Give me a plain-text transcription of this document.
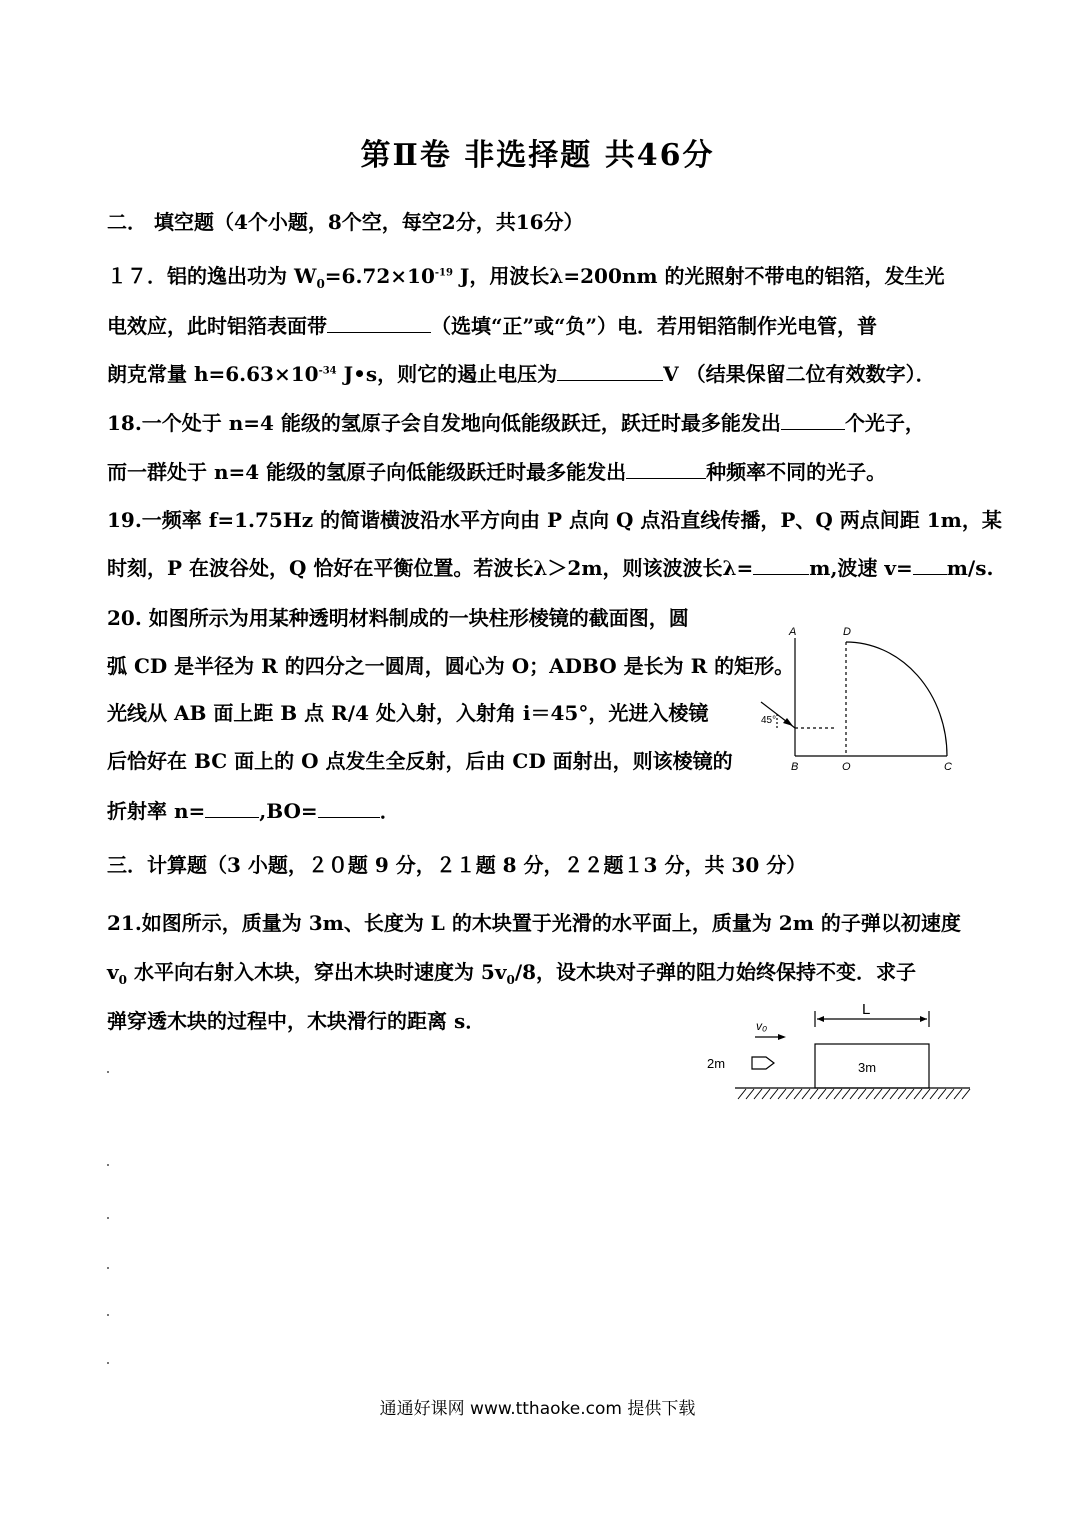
第Ⅱ卷 非选择题 共46分
二． 填空题（4个小题，8个空，每空2分，共16分）
１７．铝的逸出功为 $W_0=6.72\times 10^{-19}$ J，用波长λ=200nm 的光照射不带电的铝箔，发生光
电效应，此时铝箔表面带	（选填“正”或“负”）电．若用铝箔制作光电管，普
朗克常量 $h=6.63\times 10^{-34}$ J•s，则它的遏止电压为	V （结果保留二位有效数字）．
18.一个处于 n=4 能级的氢原子会自发地向低能级跃迁，跃迁时最多能发出	个光子，
而一群处于 n=4 能级的氢原子向低能级跃迁时最多能发出	种频率不同的光子。
19.一频率 f=1.75Hz 的简谐横波沿水平方向由 P 点向 Q 点沿直线传播，P、Q 两点间距 1m，某
时刻，P 在波谷处，Q 恰好在平衡位置。若波长λ＞2m，则该波波长λ=	m,波速 v= m/s.
20. 如图所示为用某种透明材料制成的一块柱形棱镜的截面图，圆
弧 CD 是半径为 R 的四分之一圆周，圆心为 O；ADBO 是长为 R 的矩形。
光线从 AB 面上距 B 点 R/4 处入射，入射角 i＝45°，光进入棱镜
后恰好在 BC 面上的 O 点发生全反射，后由 CD 面射出，则该棱镜的
折射率 n=	,BO=	．
A	D
B	O	C
45°
三．计算题（3 小题，２０题 9 分，２１题 8 分，２２题１3 分，共 30 分）
21.如图所示，质量为 3m、长度为 L 的木块置于光滑的水平面上，质量为 2m 的子弹以初速度
$v_0$ 水平向右射入木块，穿出木块时速度为 $5v_0/8$，设木块对子弹的阻力始终保持不变．求子
弹穿透木块的过程中，木块滑行的距离 s．	L
v₀
2m	3m
通通好课网 www.tthaoke.com 提供下载
